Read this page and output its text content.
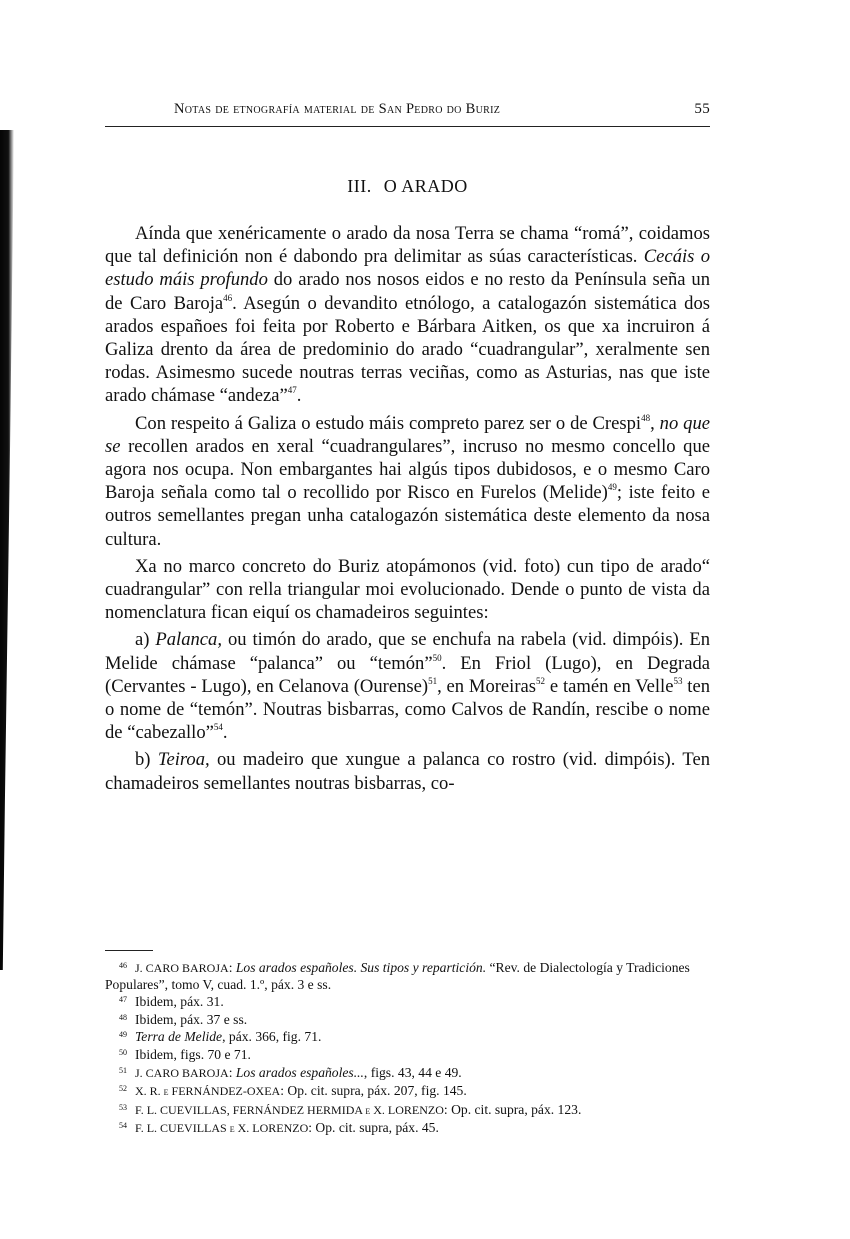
Notas de etnografía material de San Pedro do Buriz	55
III. O ARADO

Aínda que xenéricamente o arado da nosa Terra se chama “romá”, coidamos que tal definición non é dabondo pra delimitar as súas características. Cecáis o estudo máis profundo do arado nos nosos eidos e no resto da Península seña un de Caro Baroja$^{46}$. Asegún o devandito etnólogo, a catalogazón sistemática dos arados españoes foi feita por Roberto e Bárbara Aitken, os que xa incruiron á Galiza drento da área de predominio do arado “cuadrangular”, xeralmente sen rodas. Asimesmo sucede noutras terras veciñas, como as Asturias, nas que iste arado chámase “andeza”$^{47}$.

Con respeito á Galiza o estudo máis compreto parez ser o de Crespi$^{48}$, no que se recollen arados en xeral “cuadrangulares”, incruso no mesmo concello que agora nos ocupa. Non embargantes hai algús tipos dubidosos, e o mesmo Caro Baroja señala como tal o recollido por Risco en Furelos (Melide)$^{49}$; iste feito e outros semellantes pregan unha catalogazón sistemática deste elemento da nosa cultura.

Xa no marco concreto do Buriz atopámonos (vid. foto) cun tipo de arado“ cuadrangular” con rella triangular moi evolucionado. Dende o punto de vista da nomenclatura fican eiquí os chamadeiros seguintes:

a) Palanca, ou timón do arado, que se enchufa na rabela (vid. dimpóis). En Melide chámase “palanca” ou “temón”$^{50}$. En Friol (Lugo), en Degrada (Cervantes - Lugo), en Celanova (Ourense)$^{51}$, en Moreiras$^{52}$ e tamén en Velle$^{53}$ ten o nome de “temón”. Noutras bisbarras, como Calvos de Randín, rescibe o nome de “cabezallo”$^{54}$.

b) Teiroa, ou madeiro que xungue a palanca co rostro (vid. dimpóis). Ten chamadeiros semellantes noutras bisbarras, co-

46 J. CARO BAROJA: Los arados españoles. Sus tipos y repartición. “Rev. de Dialectología y Tradiciones Populares”, tomo V, cuad. 1.º, páx. 3 e ss.
47 Ibidem, páx. 31.
48 Ibidem, páx. 37 e ss.
49 Terra de Melide, páx. 366, fig. 71.
50 Ibidem, figs. 70 e 71.
51 J. CARO BAROJA: Los arados españoles..., figs. 43, 44 e 49.
52 X. R. e FERNÁNDEZ-OXEA: Op. cit. supra, páx. 207, fig. 145.
53 F. L. CUEVILLAS, FERNÁNDEZ HERMIDA e X. LORENZO: Op. cit. supra, páx. 123.
54 F. L. CUEVILLAS e X. LORENZO: Op. cit. supra, páx. 45.
